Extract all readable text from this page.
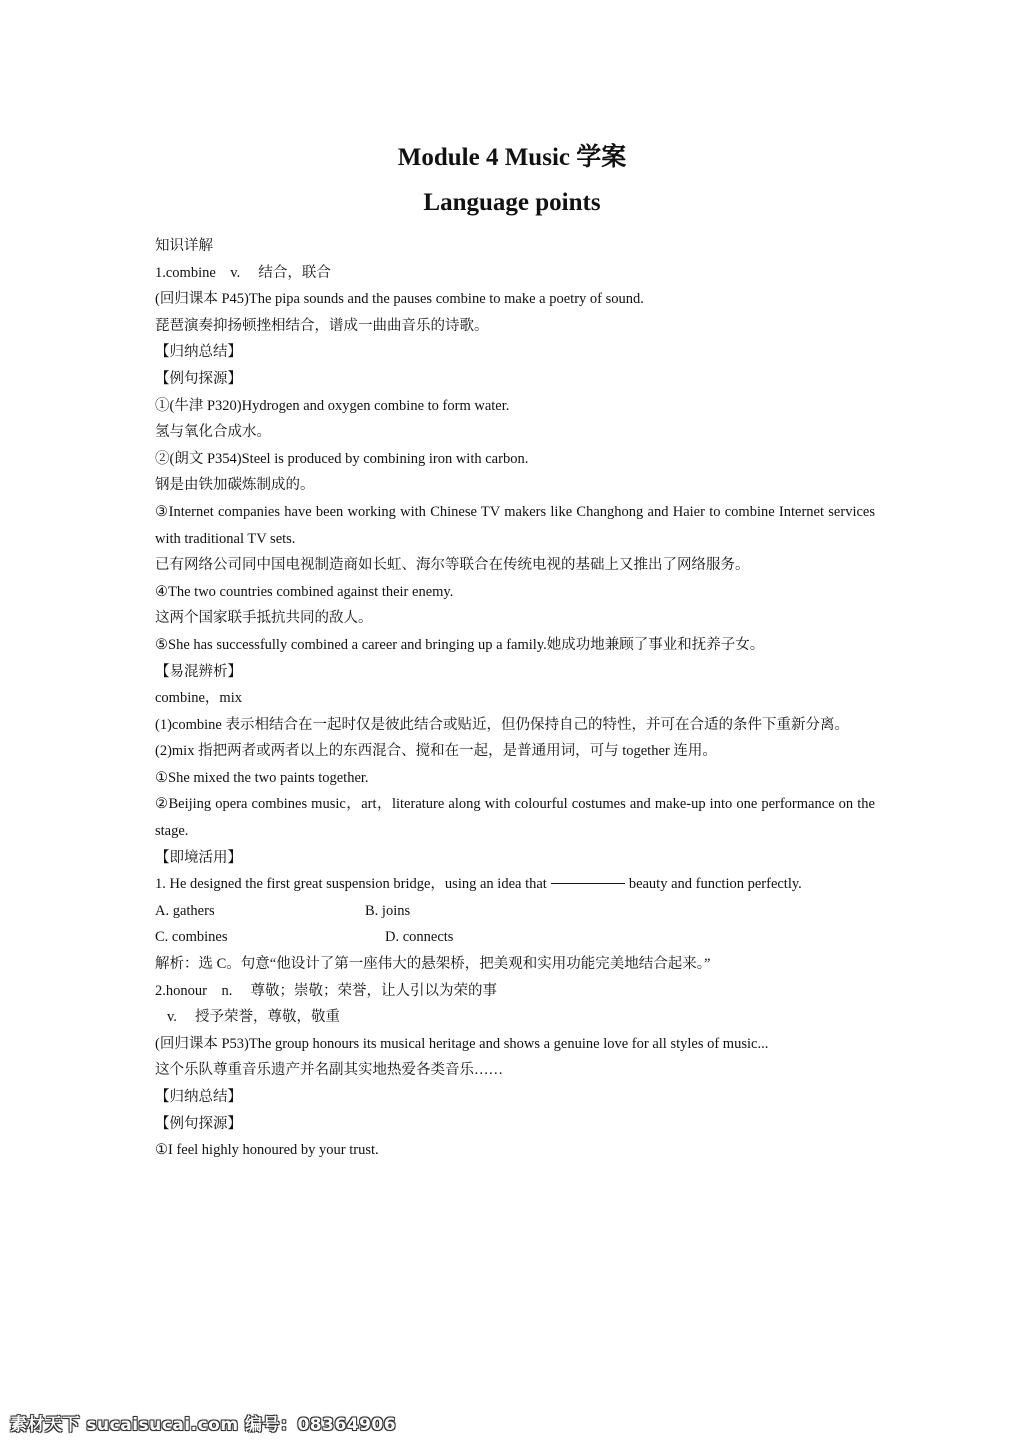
Module 4 Music 学案
Language points
知识详解
1.combine　v.　 结合，联合
(回归课本 P45)The pipa sounds and the pauses combine to make a poetry of sound.
琵琶演奏抑扬顿挫相结合，谱成一曲曲音乐的诗歌。
【归纳总结】
【例句探源】
①(牛津 P320)Hydrogen and oxygen combine to form water.
氢与氧化合成水。
②(朗文 P354)Steel is produced by combining iron with carbon.
钢是由铁加碳炼制成的。
③Internet companies have been working with Chinese TV makers like Changhong and Haier to combine Internet services with traditional TV sets.
已有网络公司同中国电视制造商如长虹、海尔等联合在传统电视的基础上又推出了网络服务。
④The two countries combined against their enemy.
这两个国家联手抵抗共同的敌人。
⑤She has successfully combined a career and bringing up a family.她成功地兼顾了事业和抚养子女。
【易混辨析】
combine，mix
(1)combine 表示相结合在一起时仅是彼此结合或贴近，但仍保持自己的特性，并可在合适的条件下重新分离。
(2)mix 指把两者或两者以上的东西混合、搅和在一起，是普通用词，可与 together 连用。
①She mixed the two paints together.
②Beijing opera combines music，art，literature along with colourful costumes and make-up into one performance on the stage.
【即境活用】
1. He designed the first great suspension bridge，using an idea that	beauty and function perfectly.
A. gathers	B. joins
C. combines	D. connects
解析：选 C。句意“他设计了第一座伟大的悬架桥，把美观和实用功能完美地结合起来。”
2.honour　n.　 尊敬；崇敬；荣誉，让人引以为荣的事
v.　 授予荣誉，尊敬，敬重
(回归课本 P53)The group honours its musical heritage and shows a genuine love for all styles of music...
这个乐队尊重音乐遗产并名副其实地热爱各类音乐……
【归纳总结】
【例句探源】
①I feel highly honoured by your trust.
素材天下 sucaisucai.com 编号：08364906
